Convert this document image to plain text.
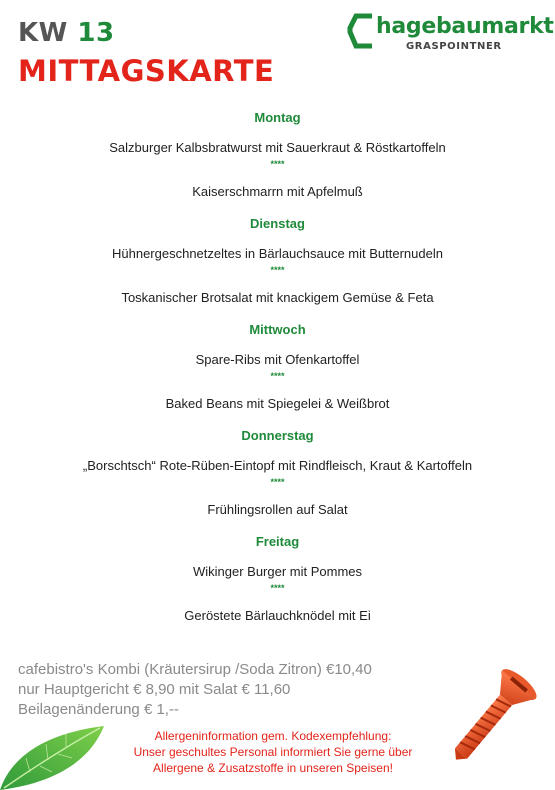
KW 13
MITTAGSKARTE
hagebaumarkt
GRASPOINTNER
Montag
Salzburger Kalbsbratwurst mit Sauerkraut & Röstkartoffeln
****
Kaiserschmarrn mit Apfelmuß
Dienstag
Hühnergeschnetzeltes in Bärlauchsauce mit Butternudeln
****
Toskanischer Brotsalat mit knackigem Gemüse & Feta
Mittwoch
Spare-Ribs mit Ofenkartoffel
****
Baked Beans mit Spiegelei & Weißbrot
Donnerstag
„Borschtsch“ Rote-Rüben-Eintopf mit Rindfleisch, Kraut & Kartoffeln
****
Frühlingsrollen auf Salat
Freitag
Wikinger Burger mit Pommes
****
Geröstete Bärlauchknödel mit Ei
cafebistro's Kombi (Kräutersirup /Soda Zitron) €10,40
nur Hauptgericht € 8,90 mit Salat € 11,60
Beilagenänderung € 1,--
Allergeninformation gem. Kodexempfehlung:
Unser geschultes Personal informiert Sie gerne über
Allergene & Zusatzstoffe in unseren Speisen!
